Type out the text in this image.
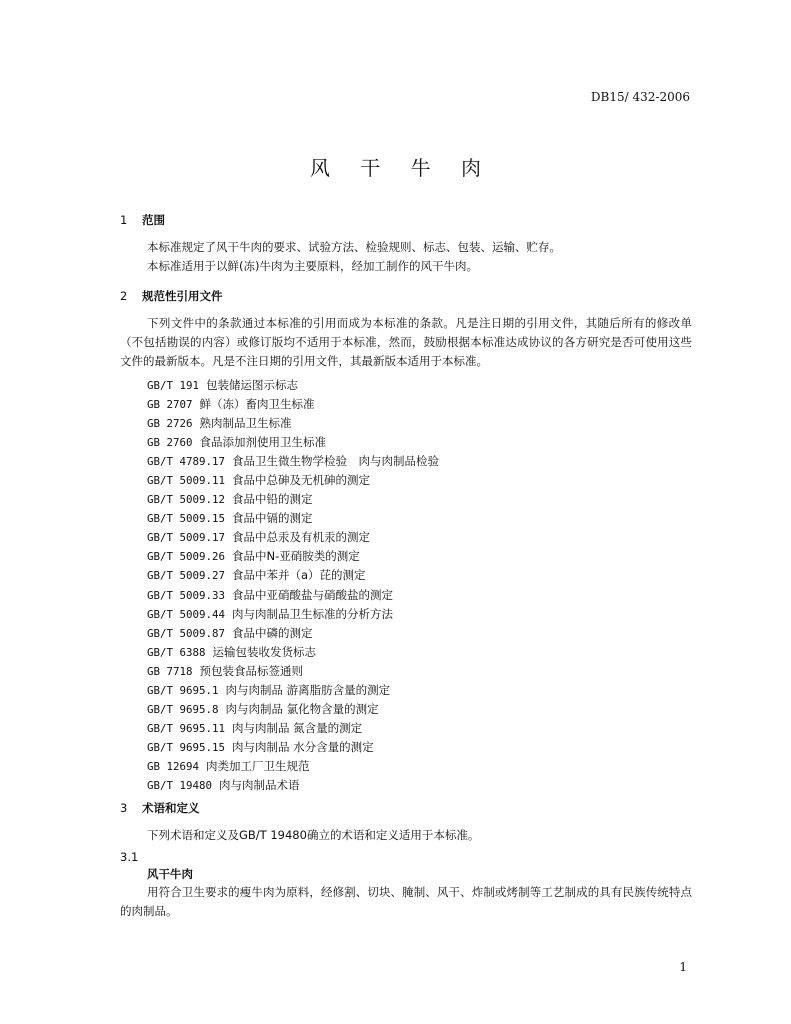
DB15/ 432-2006
风 干 牛 肉
1 范围

本标准规定了风干牛肉的要求、试验方法、检验规则、标志、包装、运输、贮存。

本标准适用于以鲜(冻)牛肉为主要原料，经加工制作的风干牛肉。

2 规范性引用文件

下列文件中的条款通过本标准的引用而成为本标准的条款。凡是注日期的引用文件，其随后所有的修改单（不包括勘误的内容）或修订版均不适用于本标准，然而，鼓励根据本标准达成协议的各方研究是否可使用这些文件的最新版本。凡是不注日期的引用文件，其最新版本适用于本标准。

GB/T 191 包装储运图示标志
GB 2707 鲜（冻）畜肉卫生标准
GB 2726 熟肉制品卫生标准
GB 2760 食品添加剂使用卫生标准
GB/T 4789.17 食品卫生微生物学检验　肉与肉制品检验
GB/T 5009.11 食品中总砷及无机砷的测定
GB/T 5009.12 食品中铅的测定
GB/T 5009.15 食品中镉的测定
GB/T 5009.17 食品中总汞及有机汞的测定
GB/T 5009.26 食品中N-亚硝胺类的测定
GB/T 5009.27 食品中苯并（a）芘的测定
GB/T 5009.33 食品中亚硝酸盐与硝酸盐的测定
GB/T 5009.44 肉与肉制品卫生标准的分析方法
GB/T 5009.87 食品中磷的测定
GB/T 6388 运输包装收发货标志
GB 7718 预包装食品标签通则
GB/T 9695.1 肉与肉制品 游离脂肪含量的测定
GB/T 9695.8 肉与肉制品 氯化物含量的测定
GB/T 9695.11 肉与肉制品 氮含量的测定
GB/T 9695.15 肉与肉制品 水分含量的测定
GB 12694 肉类加工厂卫生规范
GB/T 19480 肉与肉制品术语
3 术语和定义

下列术语和定义及GB/T 19480确立的术语和定义适用于本标准。

3.1
风干牛肉

用符合卫生要求的瘦牛肉为原料，经修割、切块、腌制、风干、炸制或烤制等工艺制成的具有民族传统特点的肉制品。

1
